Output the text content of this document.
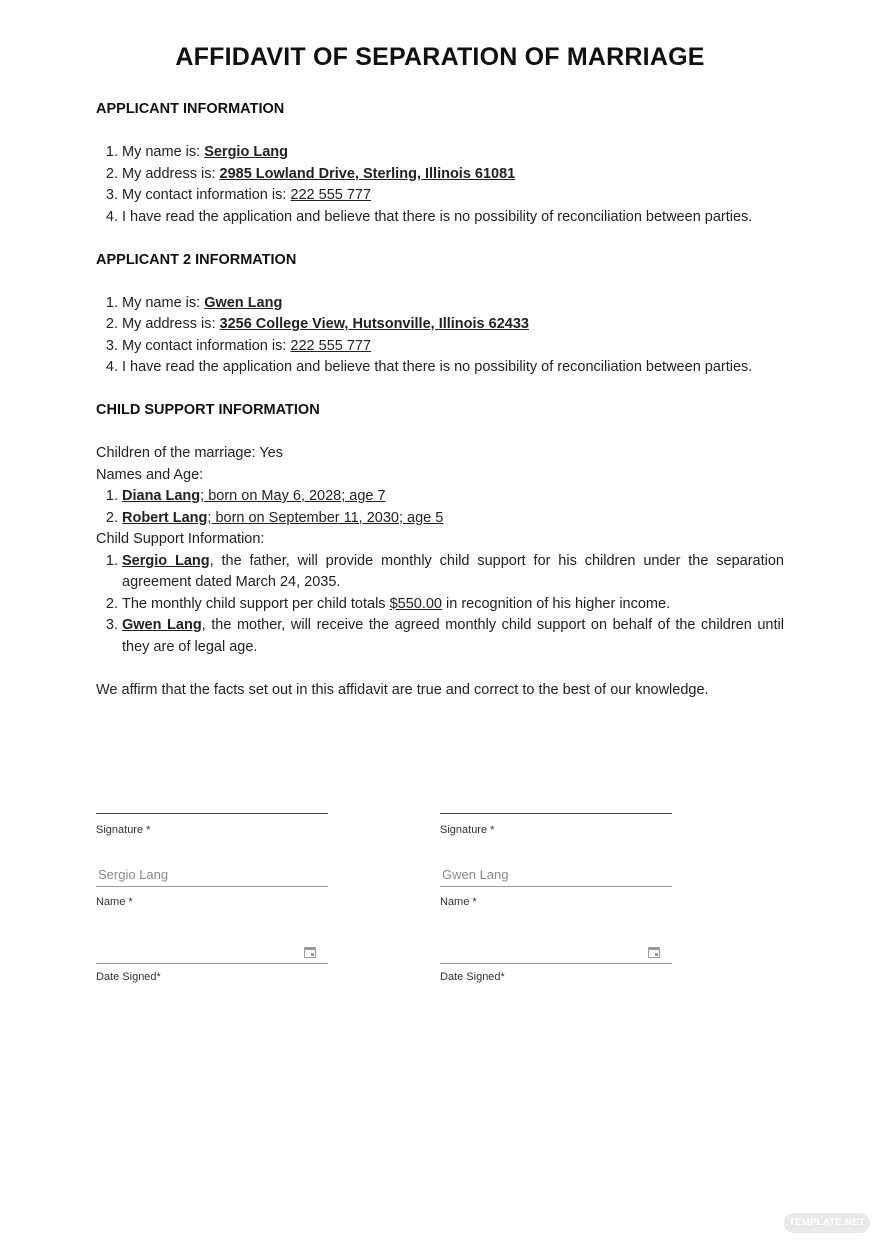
AFFIDAVIT OF SEPARATION OF MARRIAGE

APPLICANT INFORMATION

1. My name is: Sergio Lang
2. My address is: 2985 Lowland Drive, Sterling, Illinois 61081
3. My contact information is: 222 555 777
4. I have read the application and believe that there is no possibility of reconciliation between parties.

APPLICANT 2 INFORMATION

1. My name is: Gwen Lang
2. My address is: 3256 College View, Hutsonville, Illinois 62433
3. My contact information is: 222 555 777
4. I have read the application and believe that there is no possibility of reconciliation between parties.

CHILD SUPPORT INFORMATION

Children of the marriage: Yes

Names and Age:

1. Diana Lang; born on May 6, 2028; age 7
2. Robert Lang; born on September 11, 2030; age 5

Child Support Information:

1. Sergio Lang, the father, will provide monthly child support for his children under the separation agreement dated March 24, 2035.
2. The monthly child support per child totals $550.00 in recognition of his higher income.
3. Gwen Lang, the mother, will receive the agreed monthly child support on behalf of the children until they are of legal age.

We affirm that the facts set out in this affidavit are true and correct to the best of our knowledge.

Signature *
Sergio Lang
Name *
Date Signed*
Signature *
Gwen Lang
Name *
Date Signed*
TEMPLATE.NET
